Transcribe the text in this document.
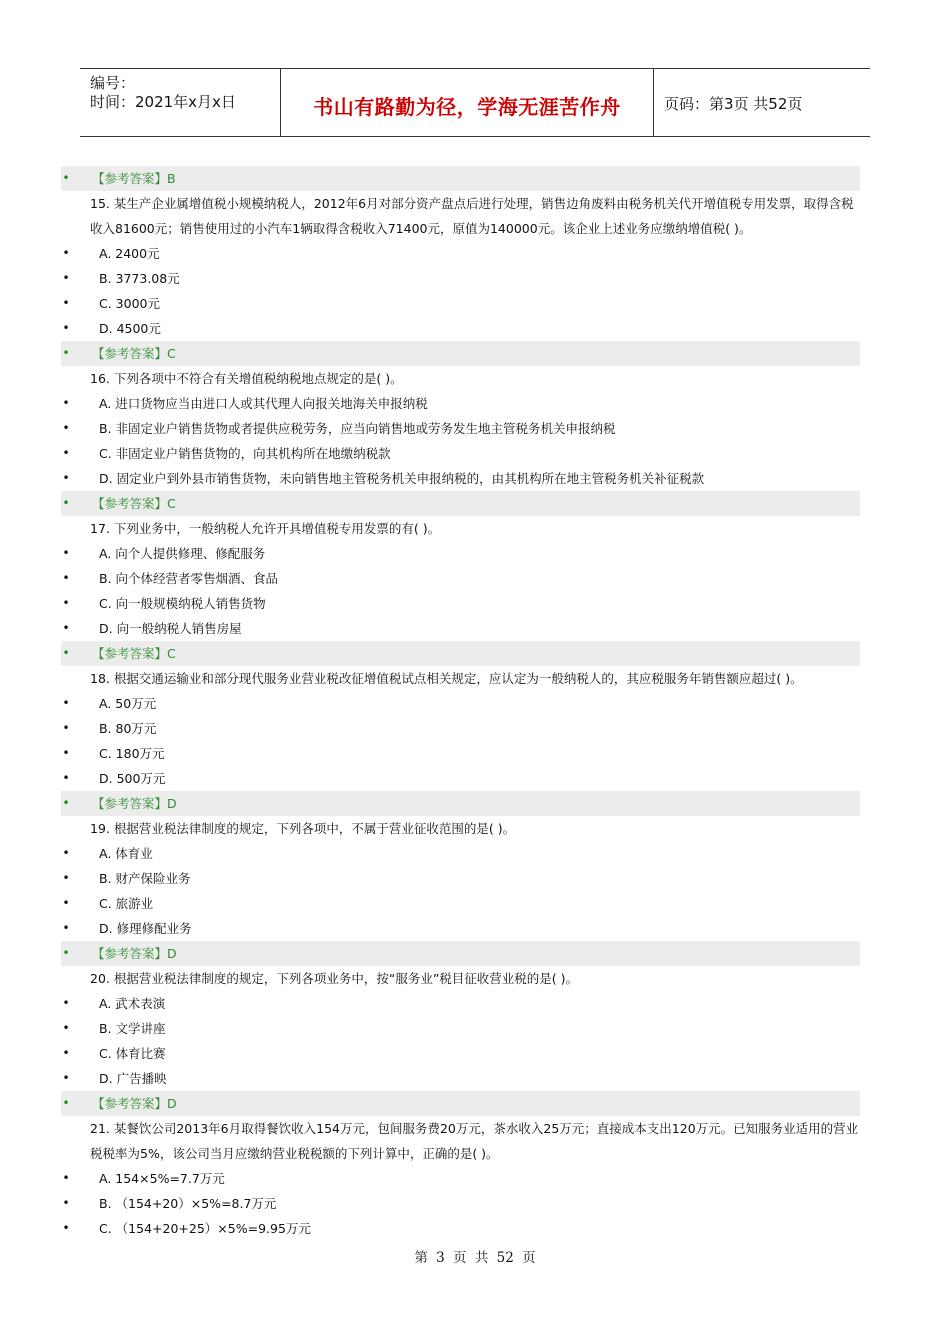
编号：
时间：2021年x月x日	书山有路勤为径，学海无涯苦作舟	页码：第3页 共52页
• 【参考答案】B
15. 某生产企业属增值税小规模纳税人，2012年6月对部分资产盘点后进行处理，销售边角废料由税务机关代开增值税专用发票，取得含税收入81600元；销售使用过的小汽车1辆取得含税收入71400元，原值为140000元。该企业上述业务应缴纳增值税( )。
• A. 2400元
• B. 3773.08元
• C. 3000元
• D. 4500元
• 【参考答案】C
16. 下列各项中不符合有关增值税纳税地点规定的是( )。
• A. 进口货物应当由进口人或其代理人向报关地海关申报纳税
• B. 非固定业户销售货物或者提供应税劳务，应当向销售地或劳务发生地主管税务机关申报纳税
• C. 非固定业户销售货物的，向其机构所在地缴纳税款
• D. 固定业户到外县市销售货物，未向销售地主管税务机关申报纳税的，由其机构所在地主管税务机关补征税款
• 【参考答案】C
17. 下列业务中，一般纳税人允许开具增值税专用发票的有( )。
• A. 向个人提供修理、修配服务
• B. 向个体经营者零售烟酒、食品
• C. 向一般规模纳税人销售货物
• D. 向一般纳税人销售房屋
• 【参考答案】C
18. 根据交通运输业和部分现代服务业营业税改征增值税试点相关规定，应认定为一般纳税人的，其应税服务年销售额应超过( )。
• A. 50万元
• B. 80万元
• C. 180万元
• D. 500万元
• 【参考答案】D
19. 根据营业税法律制度的规定，下列各项中，不属于营业征收范围的是( )。
• A. 体育业
• B. 财产保险业务
• C. 旅游业
• D. 修理修配业务
• 【参考答案】D
20. 根据营业税法律制度的规定，下列各项业务中，按“服务业”税目征收营业税的是( )。
• A. 武术表演
• B. 文学讲座
• C. 体育比赛
• D. 广告播映
• 【参考答案】D
21. 某餐饮公司2013年6月取得餐饮收入154万元，包间服务费20万元，茶水收入25万元；直接成本支出120万元。已知服务业适用的营业税税率为5%，该公司当月应缴纳营业税税额的下列计算中，正确的是( )。
• A. 154×5%=7.7万元
• B. （154+20）×5%=8.7万元
• C. （154+20+25）×5%=9.95万元
第 3 页 共 52 页
